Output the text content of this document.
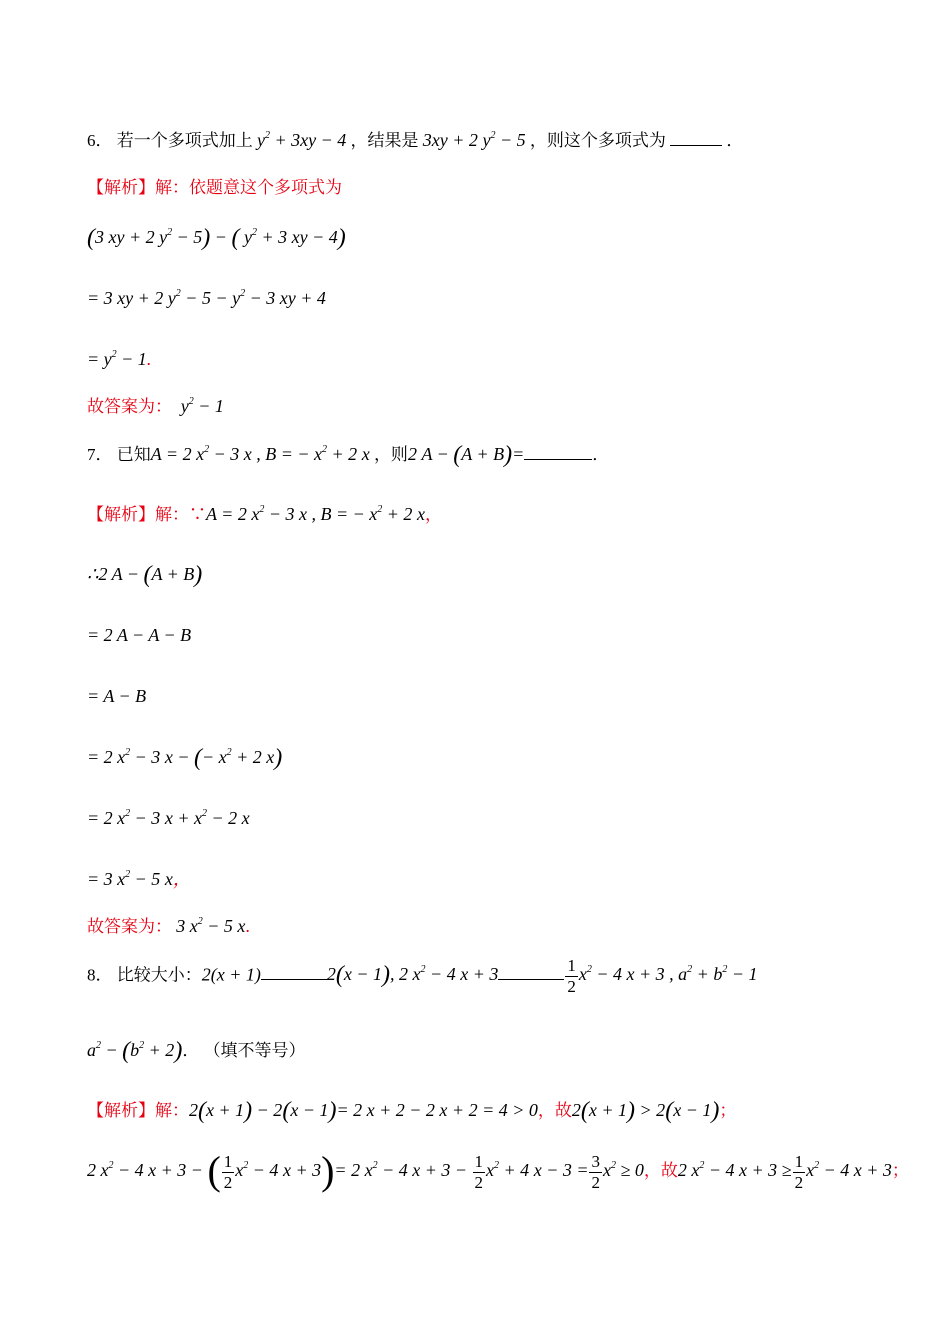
6． 若一个多项式加上 $y^2 + 3xy - 4$ ，结果是 3xy + 2 $y^2 - 5$ ，则这个多项式为	．
【解析】解：依题意这个多项式为
(3 xy + 2 $y^2 - 5$) − ( $y^2 + 3$ xy − 4)
= 3 xy + 2 $y^2 - 5 - y^2 - 3$ xy + 4
= $y^2 - 1$.
故答案为：  $y^2 - 1$
7． 已知A = 2 $x^2 - 3$ x , B = − $x^2 + 2$ x ，则2 A − (A + B)=	．
【解析】解：∵A = 2 $x^2 - 3$ x , B = − $x^2 + 2$ x，
∴2 A − (A + B)
= 2 A − A − B
= A − B
= 2 $x^2 - 3$ x − (− $x^2 + 2$ x)
= 2 $x^2 - 3$ $x + x^2 - 2$ x
= 3 $x^2 - 5$ x，
故答案为： 3 $x^2 - 5$ x.
8． 比较大小：2(x + 1)	2(x − 1), 2 $x^2 - 4$ x + 3	$\frac{1}{2} x^2 - 4$ x + 3 , $a^2 + b^2 - 1$
$a^2 - (b^2 + 2)$． （填不等号）
【解析】解：2(x + 1) − 2(x − 1)= 2 x + 2 − 2 x + 2 = 4 > 0，故2(x + 1) > 2(x − 1)；
2 $x^2 - 4$ x + 3 − ( $\frac{1}{2} x^2 - 4$ x + 3)= 2 $x^2 - 4$ $x + 3 - \frac{1}{2} x^2 + 4$ $x - 3 = \frac{3}{2} x^2 \ge 0$，故2 $x^2 - 4$ $x + 3 \ge \frac{1}{2} x^2 - 4$ x + 3；
